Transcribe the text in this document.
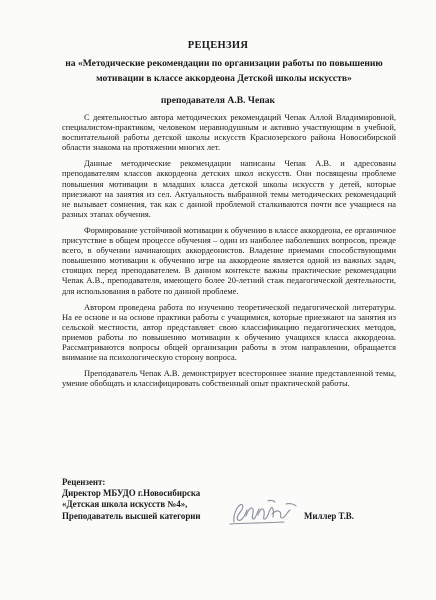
РЕЦЕНЗИЯ

на «Методические рекомендации по организации работы по повышению мотивации в классе аккордеона Детской школы искусств»

преподавателя А.В. Чепак

С деятельностью автора методических рекомендаций Чепак Аллой Владимировной, специалистом-практиком, человеком неравнодушным и активно участвующим в учебной, воспитательной работы детской школы искусств Краснозерского района Новосибирской области знакома на протяжении многих лет.

Данные методические рекомендации написаны Чепак А.В. и адресованы преподавателям классов аккордеона детских школ искусств. Они посвящены проблеме повышения мотивации в младших класса детской школы искусств у детей, которые приезжают на занятия из сел. Актуальность выбранной темы методических рекомендаций не вызывает сомнения, так как с данной проблемой сталкиваются почти все учащиеся на разных этапах обучения.

Формирование устойчивой мотивации к обучению в классе аккордеона, ее органичное присутствие в общем процессе обучения – один из наиболее наболевших вопросов, прежде всего, в обучении начинающих аккордеонистов. Владение приемами способствующими повышению мотивации к обучению игре на аккордеоне является одной из важных задач, стоящих перед преподавателем. В данном контексте важны практические рекомендации Чепак А.В., преподавателя, имеющего более 20-летний стаж педагогической деятельности, для использования в работе по данной проблеме.

Автором проведена работа по изучению теоретической педагогической литературы. На ее основе и на основе практики работы с учащимися, которые приезжают на занятия из сельской местности, автор представляет свою классификацию педагогических методов, приемов работы по повышению мотивации к обучению учащихся класса аккордеона. Рассматриваются вопросы общей организации работы в этом направлении, обращается внимание на психологическую сторону вопроса.

Преподаватель Чепак А.В. демонстрирует всестороннее знание представленной темы, умение обобщать и классифицировать собственный опыт практической работы.

Рецензент:
Директор МБУДО г.Новосибирска
«Детская школа искусств №4»,
Преподаватель высшей категории	Миллер Т.В.
